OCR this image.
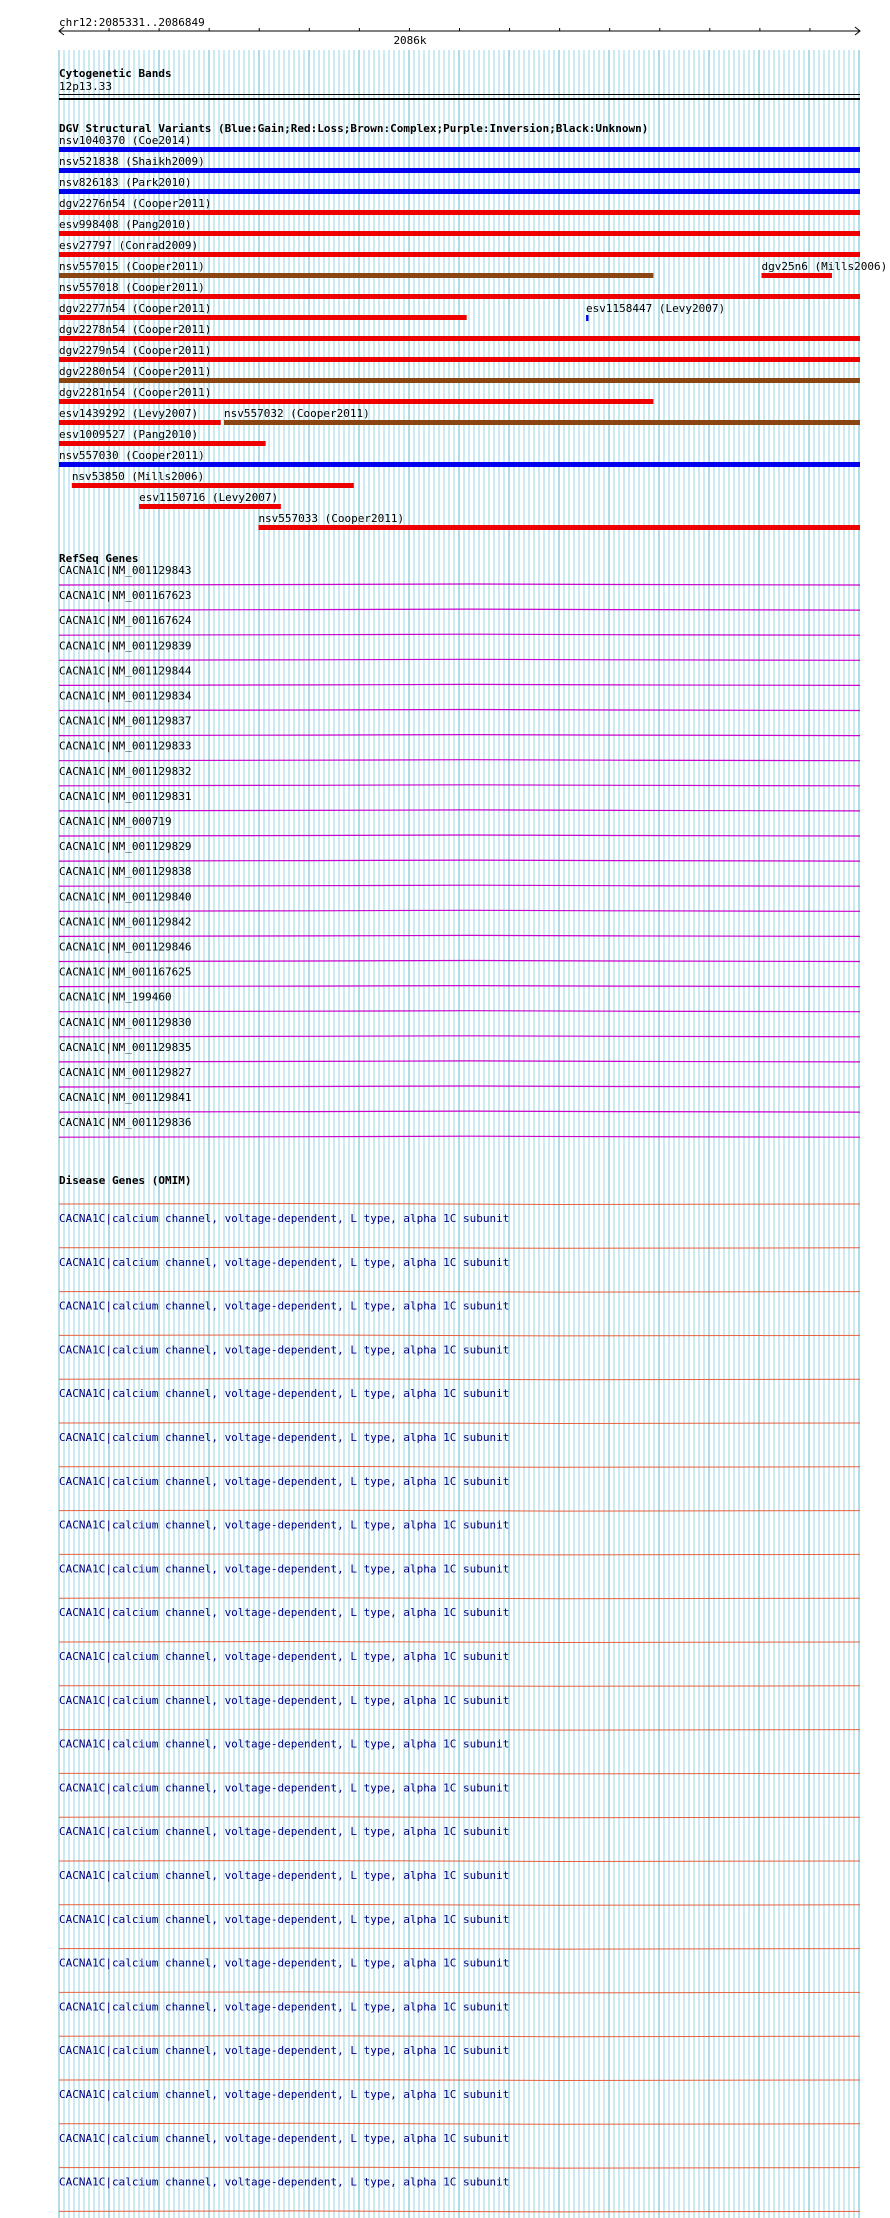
chr12:2085331..2086849
2086k
Cytogenetic Bands
12p13.33
DGV Structural Variants (Blue:Gain;Red:Loss;Brown:Complex;Purple:Inversion;Black:Unknown)
nsv1040370 (Coe2014)
nsv521838 (Shaikh2009)
nsv826183 (Park2010)
dgv2276n54 (Cooper2011)
esv998408 (Pang2010)
esv27797 (Conrad2009)
nsv557015 (Cooper2011)	dgv25n6 (Mills2006)
nsv557018 (Cooper2011)
dgv2277n54 (Cooper2011)	esv1158447 (Levy2007)
dgv2278n54 (Cooper2011)
dgv2279n54 (Cooper2011)
dgv2280n54 (Cooper2011)
dgv2281n54 (Cooper2011)
esv1439292 (Levy2007) nsv557032 (Cooper2011)
esv1009527 (Pang2010)
nsv557030 (Cooper2011)
nsv53850 (Mills2006)
esv1150716 (Levy2007)
nsv557033 (Cooper2011)
RefSeq Genes
CACNA1C|NM_001129843
CACNA1C|NM_001167623
CACNA1C|NM_001167624
CACNA1C|NM_001129839
CACNA1C|NM_001129844
CACNA1C|NM_001129834
CACNA1C|NM_001129837
CACNA1C|NM_001129833
CACNA1C|NM_001129832
CACNA1C|NM_001129831
CACNA1C|NM_000719
CACNA1C|NM_001129829
CACNA1C|NM_001129838
CACNA1C|NM_001129840
CACNA1C|NM_001129842
CACNA1C|NM_001129846
CACNA1C|NM_001167625
CACNA1C|NM_199460
CACNA1C|NM_001129830
CACNA1C|NM_001129835
CACNA1C|NM_001129827
CACNA1C|NM_001129841
CACNA1C|NM_001129836
Disease Genes (OMIM)
CACNA1C|calcium channel, voltage-dependent, L type, alpha 1C subunit
CACNA1C|calcium channel, voltage-dependent, L type, alpha 1C subunit
CACNA1C|calcium channel, voltage-dependent, L type, alpha 1C subunit
CACNA1C|calcium channel, voltage-dependent, L type, alpha 1C subunit
CACNA1C|calcium channel, voltage-dependent, L type, alpha 1C subunit
CACNA1C|calcium channel, voltage-dependent, L type, alpha 1C subunit
CACNA1C|calcium channel, voltage-dependent, L type, alpha 1C subunit
CACNA1C|calcium channel, voltage-dependent, L type, alpha 1C subunit
CACNA1C|calcium channel, voltage-dependent, L type, alpha 1C subunit
CACNA1C|calcium channel, voltage-dependent, L type, alpha 1C subunit
CACNA1C|calcium channel, voltage-dependent, L type, alpha 1C subunit
CACNA1C|calcium channel, voltage-dependent, L type, alpha 1C subunit
CACNA1C|calcium channel, voltage-dependent, L type, alpha 1C subunit
CACNA1C|calcium channel, voltage-dependent, L type, alpha 1C subunit
CACNA1C|calcium channel, voltage-dependent, L type, alpha 1C subunit
CACNA1C|calcium channel, voltage-dependent, L type, alpha 1C subunit
CACNA1C|calcium channel, voltage-dependent, L type, alpha 1C subunit
CACNA1C|calcium channel, voltage-dependent, L type, alpha 1C subunit
CACNA1C|calcium channel, voltage-dependent, L type, alpha 1C subunit
CACNA1C|calcium channel, voltage-dependent, L type, alpha 1C subunit
CACNA1C|calcium channel, voltage-dependent, L type, alpha 1C subunit
CACNA1C|calcium channel, voltage-dependent, L type, alpha 1C subunit
CACNA1C|calcium channel, voltage-dependent, L type, alpha 1C subunit
